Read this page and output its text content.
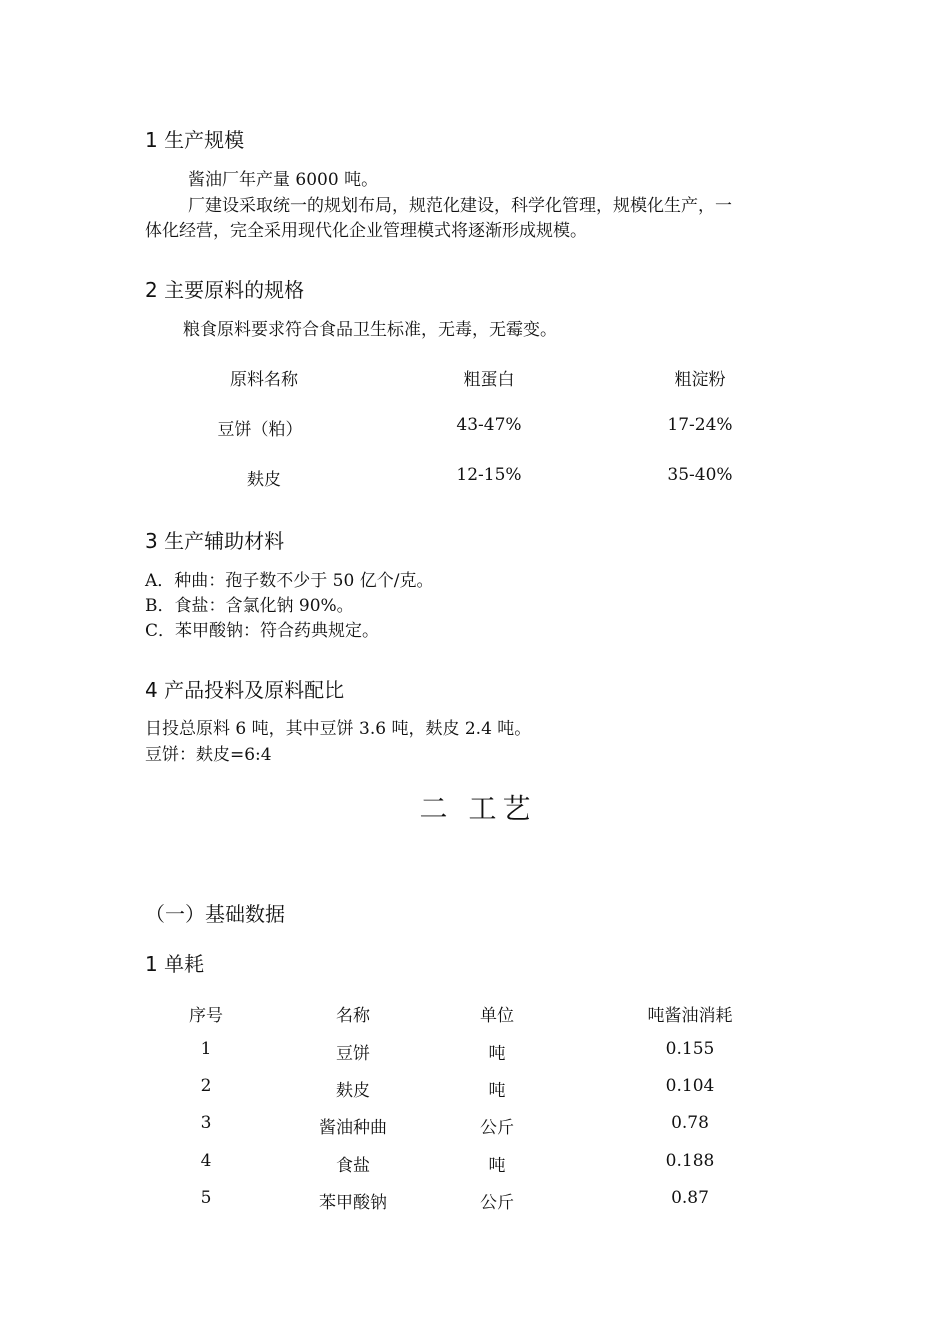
1 生产规模
酱油厂年产量 6000 吨。
厂建设采取统一的规划布局，规范化建设，科学化管理，规模化生产，一
体化经营，完全采用现代化企业管理模式将逐渐形成规模。
2 主要原料的规格
粮食原料要求符合食品卫生标准，无毒，无霉变。
原料名称	粗蛋白	粗淀粉
豆饼（粕）	43-47%	17-24%
麸皮	12-15%	35-40%
3 生产辅助材料
A．种曲：孢子数不少于 50 亿个/克。
B．食盐：含氯化钠 90%。
C．苯甲酸钠：符合药典规定。
4 产品投料及原料配比
日投总原料 6 吨，其中豆饼 3.6 吨，麸皮 2.4 吨。
豆饼：麸皮=6:4
二 工艺
（一）基础数据
1 单耗
序号	名称	单位	吨酱油消耗
1	豆饼	吨	0.155
2	麸皮	吨	0.104
3	酱油种曲	公斤	0.78
4	食盐	吨	0.188
5	苯甲酸钠	公斤	0.87
